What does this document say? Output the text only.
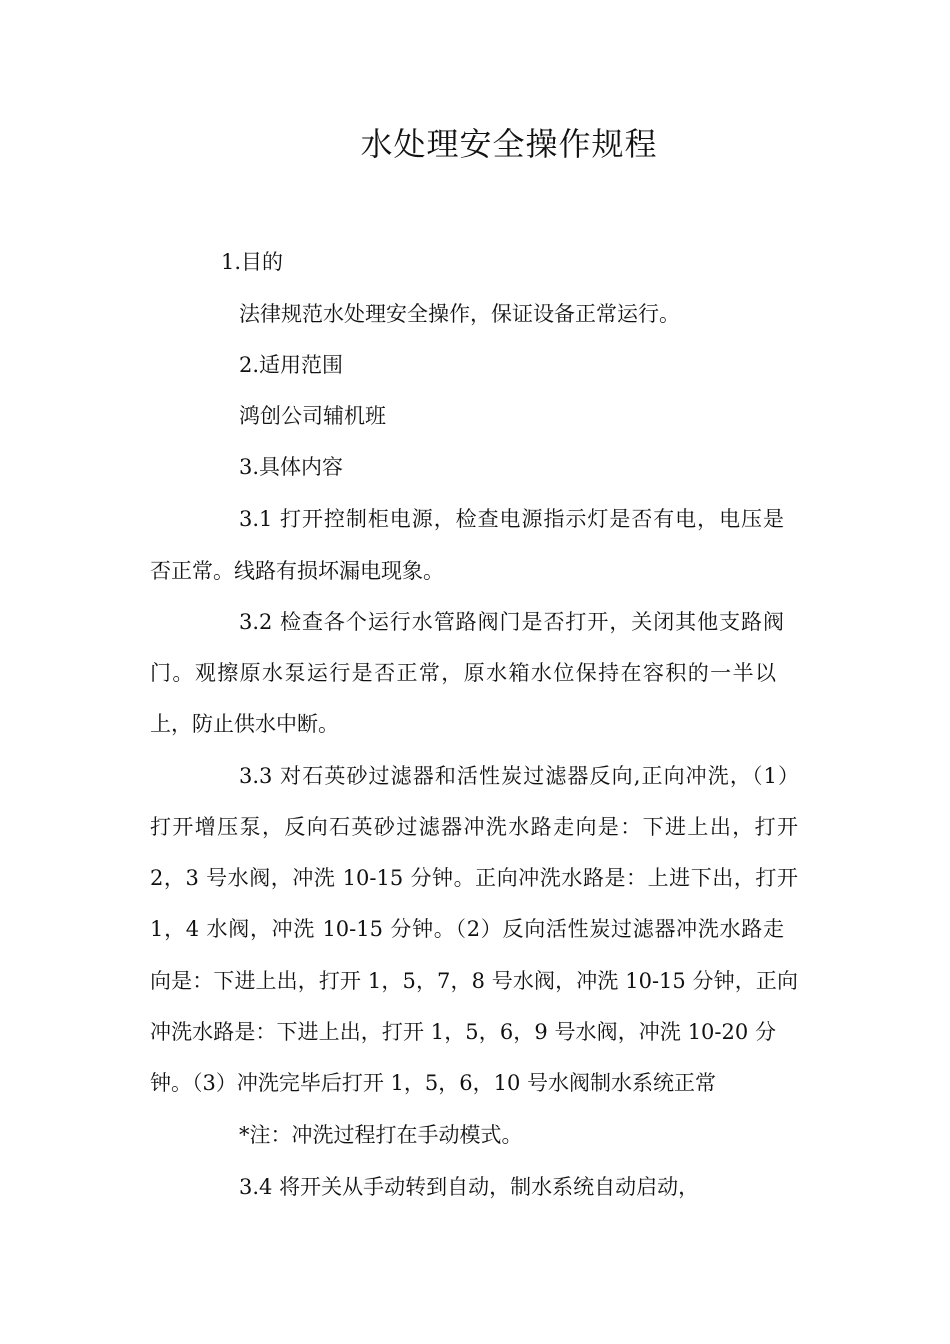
水处理安全操作规程
1.目的
法律规范水处理安全操作，保证设备正常运行。
2.适用范围
鸿创公司辅机班
3.具体内容
3.1 打开控制柜电源，检查电源指示灯是否有电，电压是
否正常。线路有损坏漏电现象。
3.2 检查各个运行水管路阀门是否打开，关闭其他支路阀
门。观擦原水泵运行是否正常，原水箱水位保持在容积的一半以
上，防止供水中断。
3.3 对石英砂过滤器和活性炭过滤器反向,正向冲洗，（1）
打开增压泵，反向石英砂过滤器冲洗水路走向是：下进上出，打开
2，3 号水阀，冲洗 10-15 分钟。正向冲洗水路是：上进下出，打开
1，4 水阀，冲洗 10-15 分钟。（2）反向活性炭过滤器冲洗水路走
向是：下进上出，打开 1，5，7，8 号水阀，冲洗 10-15 分钟，正向
冲洗水路是：下进上出，打开 1，5，6，9 号水阀，冲洗 10-20 分
钟。（3）冲洗完毕后打开 1，5，6，10 号水阀制水系统正常
*注：冲洗过程打在手动模式。
3.4 将开关从手动转到自动，制水系统自动启动，
